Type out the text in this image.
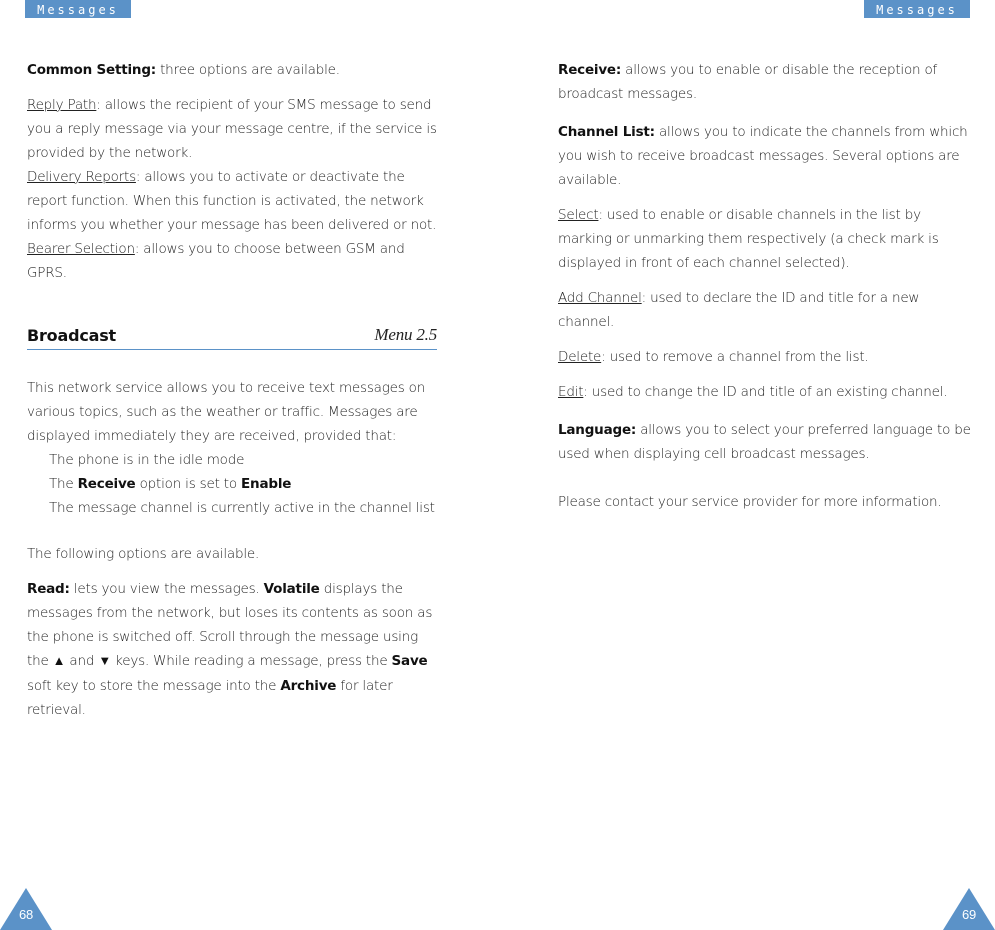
Messages	Messages

Common Setting: three options are available.

Reply Path: allows the recipient of your SMS message to send you a reply message via your message centre, if the service is provided by the network.

Delivery Reports: allows you to activate or deactivate the report function. When this function is activated, the network informs you whether your message has been delivered or not.

Bearer Selection: allows you to choose between GSM and GPRS.

Broadcast	Menu 2.5

This network service allows you to receive text messages on various topics, such as the weather or traffic. Messages are displayed immediately they are received, provided that:

The phone is in the idle mode

The Receive option is set to Enable

The message channel is currently active in the channel list

The following options are available.

Read: lets you view the messages. Volatile displays the messages from the network, but loses its contents as soon as the phone is switched off. Scroll through the message using the ▲ and ▼ keys. While reading a message, press the Save soft key to store the message into the Archive for later retrieval.

Receive: allows you to enable or disable the reception of broadcast messages.

Channel List: allows you to indicate the channels from which you wish to receive broadcast messages. Several options are available.

Select: used to enable or disable channels in the list by marking or unmarking them respectively (a check mark is displayed in front of each channel selected).

Add Channel: used to declare the ID and title for a new channel.

Delete: used to remove a channel from the list.

Edit: used to change the ID and title of an existing channel.

Language: allows you to select your preferred language to be used when displaying cell broadcast messages.

Please contact your service provider for more information.

68	69
